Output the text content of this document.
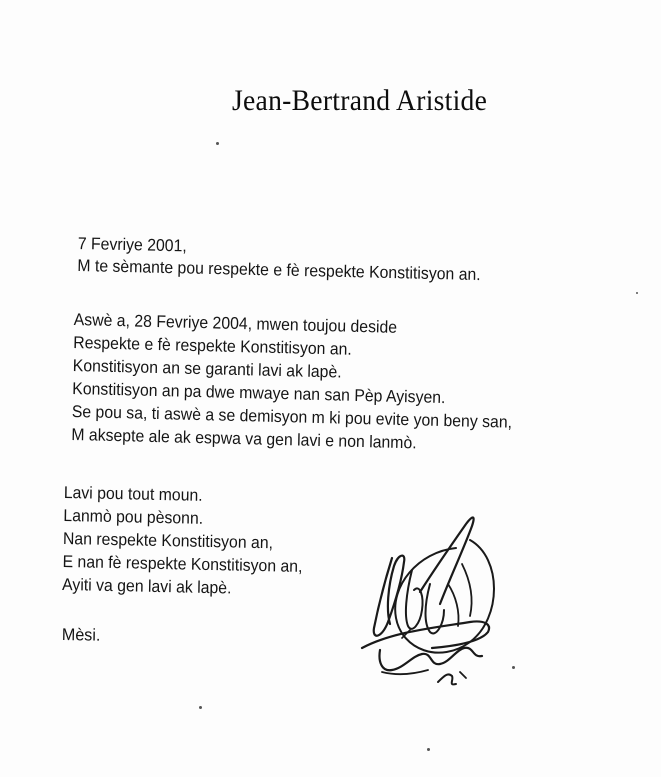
Jean-Bertrand Aristide
7 Fevriye 2001,
M te sèmante pou respekte e fè respekte Konstitisyon an.
Aswè a, 28 Fevriye 2004, mwen toujou deside
Respekte e fè respekte Konstitisyon an.
Konstitisyon an se garanti lavi ak lapè.
Konstitisyon an pa dwe mwaye nan san Pèp Ayisyen.
Se pou sa, ti aswè a se demisyon m ki pou evite yon beny san,
M aksepte ale ak espwa va gen lavi e non lanmò.
Lavi pou tout moun.
Lanmò pou pèsonn.
Nan respekte Konstitisyon an,
E nan fè respekte Konstitisyon an,
Ayiti va gen lavi ak lapè.
Mèsi.
